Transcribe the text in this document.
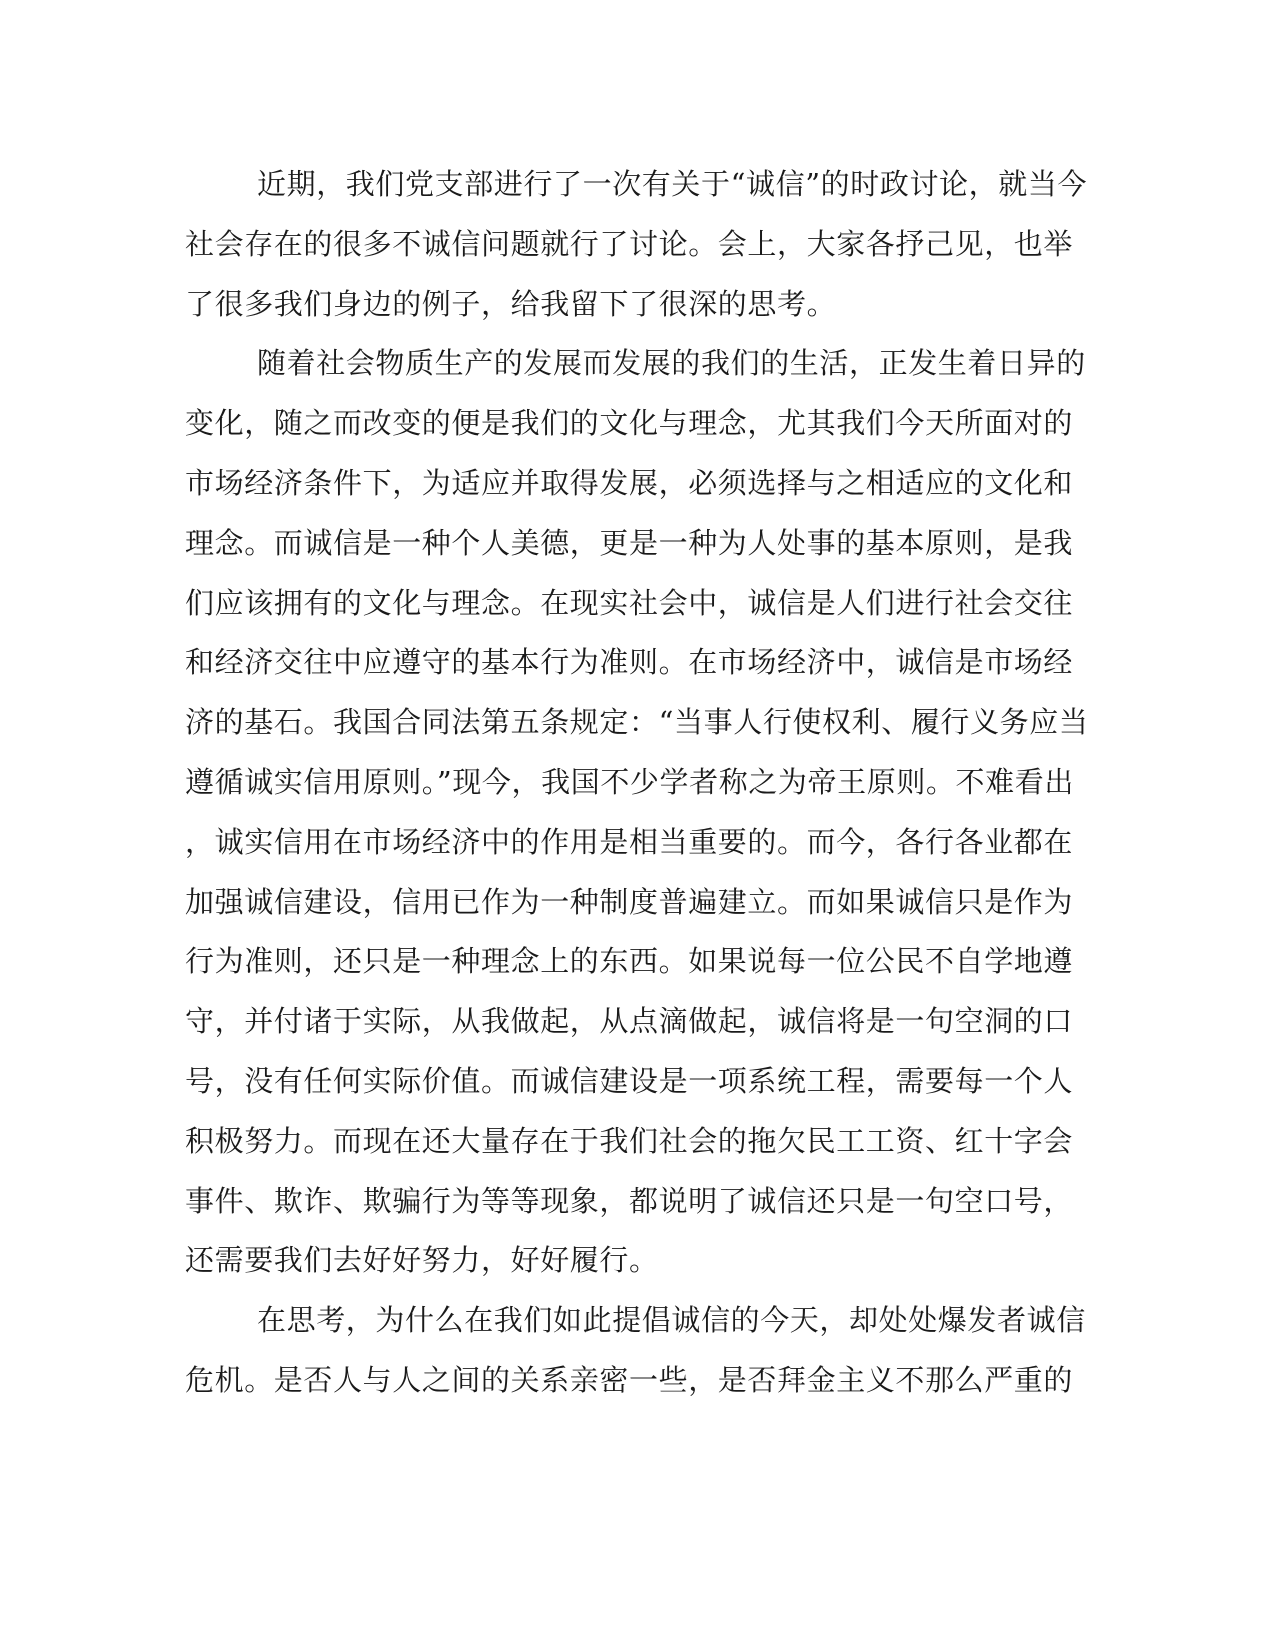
近期，我们党支部进行了一次有关于“诚信”的时政讨论，就当今
社会存在的很多不诚信问题就行了讨论。会上，大家各抒己见，也举
了很多我们身边的例子，给我留下了很深的思考。
随着社会物质生产的发展而发展的我们的生活，正发生着日异的
变化，随之而改变的便是我们的文化与理念，尤其我们今天所面对的
市场经济条件下，为适应并取得发展，必须选择与之相适应的文化和
理念。而诚信是一种个人美德，更是一种为人处事的基本原则，是我
们应该拥有的文化与理念。在现实社会中，诚信是人们进行社会交往
和经济交往中应遵守的基本行为准则。在市场经济中，诚信是市场经
济的基石。我国合同法第五条规定：“当事人行使权利、履行义务应当
遵循诚实信用原则。”现今，我国不少学者称之为帝王原则。不难看出
，诚实信用在市场经济中的作用是相当重要的。而今，各行各业都在
加强诚信建设，信用已作为一种制度普遍建立。而如果诚信只是作为
行为准则，还只是一种理念上的东西。如果说每一位公民不自学地遵
守，并付诸于实际，从我做起，从点滴做起，诚信将是一句空洞的口
号，没有任何实际价值。而诚信建设是一项系统工程，需要每一个人
积极努力。而现在还大量存在于我们社会的拖欠民工工资、红十字会
事件、欺诈、欺骗行为等等现象，都说明了诚信还只是一句空口号，
还需要我们去好好努力，好好履行。
在思考，为什么在我们如此提倡诚信的今天，却处处爆发者诚信
危机。是否人与人之间的关系亲密一些，是否拜金主义不那么严重的
